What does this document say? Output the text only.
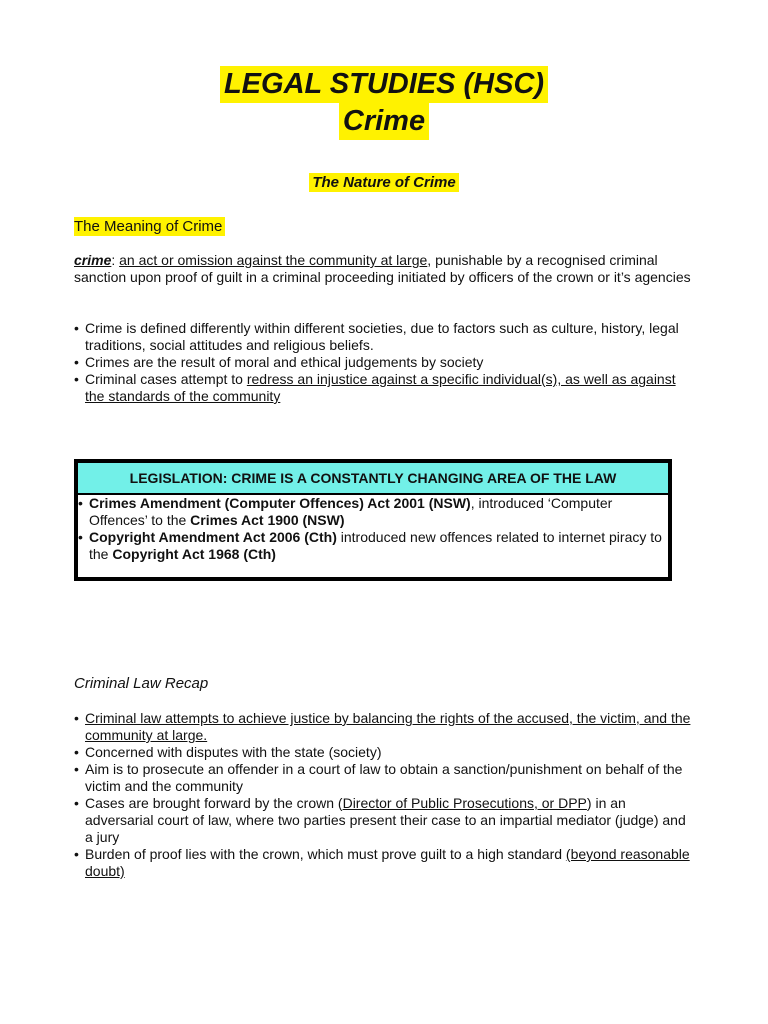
LEGAL STUDIES (HSC)
Crime
The Nature of Crime
The Meaning of Crime
crime: an act or omission against the community at large, punishable by a recognised criminal sanction upon proof of guilt in a criminal proceeding initiated by officers of the crown or it’s agencies
• Crime is defined differently within different societies, due to factors such as culture, history, legal traditions, social attitudes and religious beliefs.
• Crimes are the result of moral and ethical judgements by society
• Criminal cases attempt to redress an injustice against a specific individual(s), as well as against the standards of the community
LEGISLATION: CRIME IS A CONSTANTLY CHANGING AREA OF THE LAW
• Crimes Amendment (Computer Offences) Act 2001 (NSW), introduced ‘Computer Offences’ to the Crimes Act 1900 (NSW)
• Copyright Amendment Act 2006 (Cth) introduced new offences related to internet piracy to the Copyright Act 1968 (Cth)
Criminal Law Recap
• Criminal law attempts to achieve justice by balancing the rights of the accused, the victim, and the community at large.
• Concerned with disputes with the state (society)
• Aim is to prosecute an offender in a court of law to obtain a sanction/punishment on behalf of the victim and the community
• Cases are brought forward by the crown (Director of Public Prosecutions, or DPP) in an adversarial court of law, where two parties present their case to an impartial mediator (judge) and a jury
• Burden of proof lies with the crown, which must prove guilt to a high standard (beyond reasonable doubt)
